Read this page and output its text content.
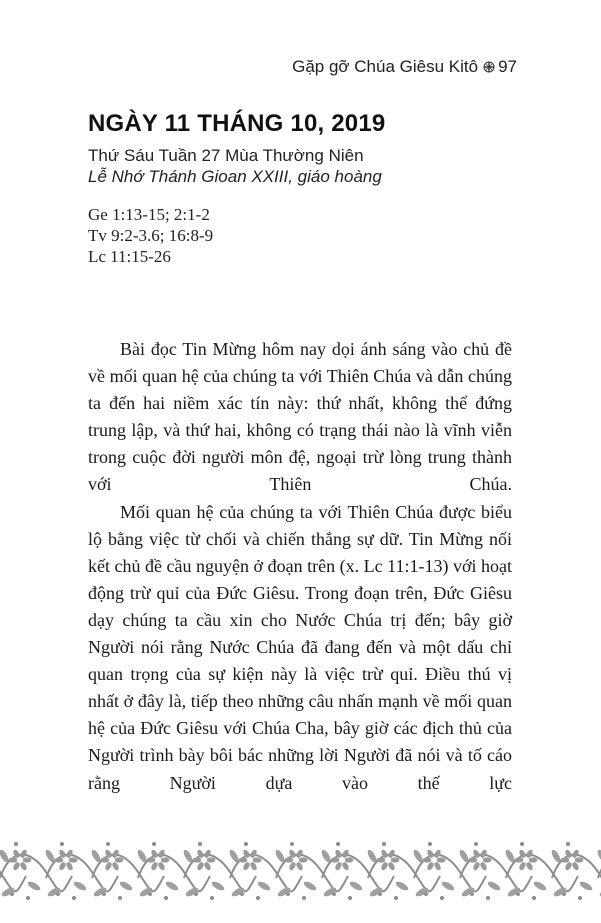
Gặp gỡ Chúa Giêsu Kitô 97
NGÀY 11 THÁNG 10, 2019
Thứ Sáu Tuần 27 Mùa Thường Niên
Lễ Nhớ Thánh Gioan XXIII, giáo hoàng
Ge 1:13-15; 2:1-2
Tv 9:2-3.6; 16:8-9
Lc 11:15-26

Bài đọc Tin Mừng hôm nay dọi ánh sáng vào chủ đề về mối quan hệ của chúng ta với Thiên Chúa và dẫn chúng ta đến hai niềm xác tín này: thứ nhất, không thể đứng trung lập, và thứ hai, không có trạng thái nào là vĩnh viễn trong cuộc đời người môn đệ, ngoại trừ lòng trung thành với Thiên Chúa.

Mối quan hệ của chúng ta với Thiên Chúa được biểu lộ bằng việc từ chối và chiến thắng sự dữ. Tin Mừng nối kết chủ đề cầu nguyện ở đoạn trên (x. Lc 11:1-13) với hoạt động trừ quỉ của Đức Giêsu. Trong đoạn trên, Đức Giêsu dạy chúng ta cầu xin cho Nước Chúa trị đến; bây giờ Người nói rằng Nước Chúa đã đang đến và một dấu chỉ quan trọng của sự kiện này là việc trừ quỉ. Điều thú vị nhất ở đây là, tiếp theo những câu nhấn mạnh về mối quan hệ của Đức Giêsu với Chúa Cha, bây giờ các địch thủ của Người trình bày bôi bác những lời Người đã nói và tố cáo rằng Người dựa vào thế lực
